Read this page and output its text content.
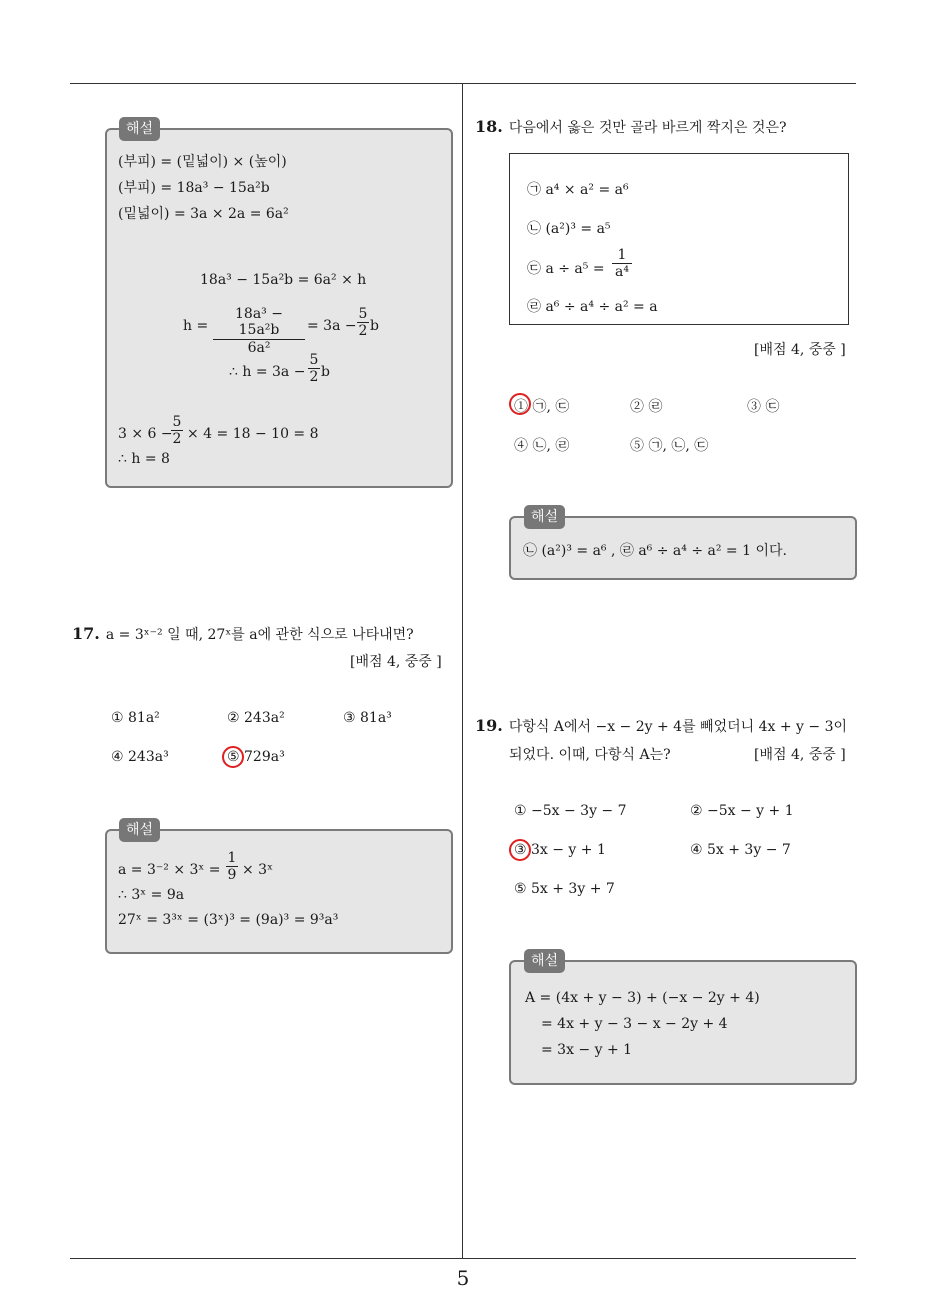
5
해설
(부피) = (밑넓이) × (높이)
(부피) = 18a³ − 15a²b
(밑넓이) = 3a × 2a = 6a²
18a³ − 15a²b = 6a² × h
$h = \frac{\text{18a³ − 15a²b}}{\text{6a²}} = 3a - \frac{5}{2}$ b
∴ $h = 3a - \frac{5}{2}$ b
3 × 6 −
$\frac{5}{2} \times 4 = 18 - 10 = 8$
∴ h = 8
17. a = 3ˣ⁻² 일 때, 27ˣ를 a에 관한 식으로 나타내면?
[배점 4, 중중 ]
① 81a²	② 243a²	③ 81a³
④ 243a³	⑤ 729a³
해설
a = 3⁻² × 3ˣ = $\frac{1}{9}$ × 3ˣ
∴ 3ˣ = 9a
27ˣ = 3³ˣ = (3ˣ)³ = (9a)³ = 9³a³
18. 다음에서 옳은 것만 골라 바르게 짝지은 것은?
㉠ a⁴ × a² = a⁶
㉡ (a²)³ = a⁵
㉢ $a \div a^5 = \frac{1}{\text{a⁴}}$
㉣ a⁶ ÷ a⁴ ÷ a² = a
[배점 4, 중중 ]
① ㉠, ㉢	② ㉣	③ ㉢
④ ㉡, ㉣	⑤ ㉠, ㉡, ㉢
해설
㉡ (a²)³ = a⁶ , ㉣ a⁶ ÷ a⁴ ÷ a² = 1 이다.
19. 다항식 A에서 −x − 2y + 4를 빼었더니 4x + y − 3이
되었다. 이때, 다항식 A는?	[배점 4, 중중 ]
① −5x − 3y − 7	② −5x − y + 1
③ 3x − y + 1	④ 5x + 3y − 7
⑤ 5x + 3y + 7
해설
A = (4x + y − 3) + (−x − 2y + 4)
= 4x + y − 3 − x − 2y + 4
= 3x − y + 1
